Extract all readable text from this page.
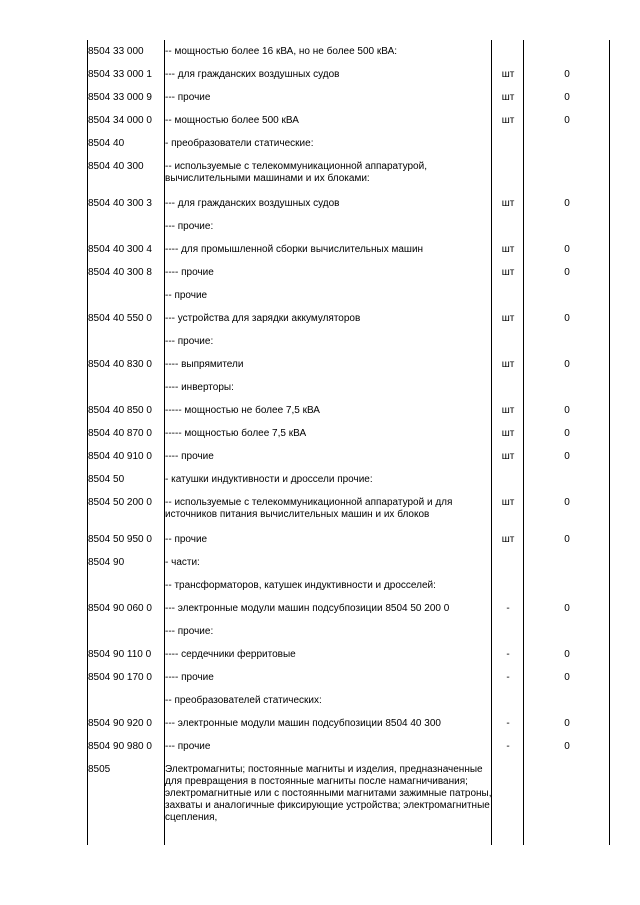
8504 33 000	-- мощностью более 16 кВА, но не более 500 кВА:		
8504 33 000 1	--- для гражданских воздушных судов	шт	0
8504 33 000 9	--- прочие	шт	0
8504 34 000 0	-- мощностью более 500 кВА	шт	0
8504 40	- преобразователи статические:		
8504 40 300	-- используемые с телекоммуникационной аппаратурой, вычислительными машинами и их блоками:		
8504 40 300 3	--- для гражданских воздушных судов	шт	0
	--- прочие:		
8504 40 300 4	---- для промышленной сборки вычислительных машин	шт	0
8504 40 300 8	---- прочие	шт	0
	-- прочие		
8504 40 550 0	--- устройства для зарядки аккумуляторов	шт	0
	--- прочие:		
8504 40 830 0	---- выпрямители	шт	0
	---- инверторы:		
8504 40 850 0	----- мощностью не более 7,5 кВА	шт	0
8504 40 870 0	----- мощностью более 7,5 кВА	шт	0
8504 40 910 0	---- прочие	шт	0
8504 50	- катушки индуктивности и дроссели прочие:		
8504 50 200 0	-- используемые с телекоммуникационной аппаратурой и для источников питания вычислительных машин и их блоков	шт	0
8504 50 950 0	-- прочие	шт	0
8504 90	- части:		
	-- трансформаторов, катушек индуктивности и дросселей:		
8504 90 060 0	--- электронные модули машин подсубпозиции 8504 50 200 0	-	0
	--- прочие:		
8504 90 110 0	---- сердечники ферритовые	-	0
8504 90 170 0	---- прочие	-	0
	-- преобразователей статических:		
8504 90 920 0	--- электронные модули машин подсубпозиции 8504 40 300	-	0
8504 90 980 0	--- прочие	-	0
8505	Электромагниты; постоянные магниты и изделия, предназначенные для превращения в постоянные магниты после намагничивания; электромагнитные или с постоянными магнитами зажимные патроны, захваты и аналогичные фиксирующие устройства; электромагнитные сцепления,		
